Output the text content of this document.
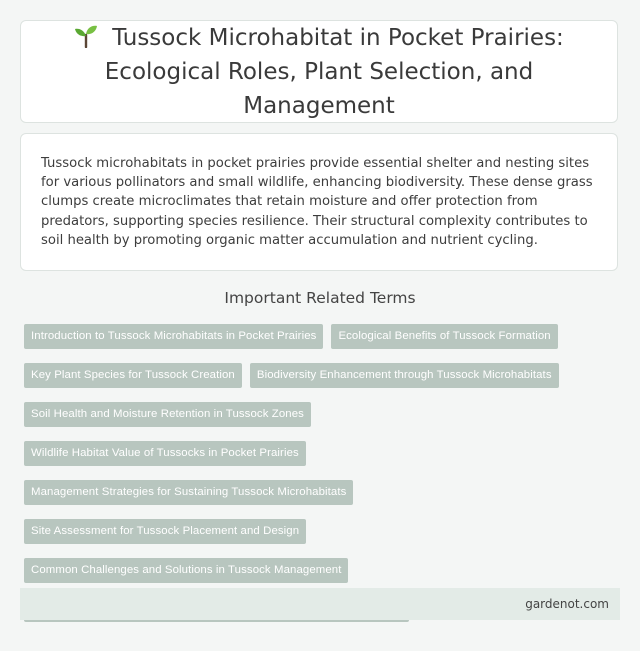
Tussock Microhabitat in Pocket Prairies: Ecological Roles, Plant Selection, and Management

Tussock microhabitats in pocket prairies provide essential shelter and nesting sites for various pollinators and small wildlife, enhancing biodiversity. These dense grass clumps create microclimates that retain moisture and offer protection from predators, supporting species resilience. Their structural complexity contributes to soil health by promoting organic matter accumulation and nutrient cycling.

Important Related Terms
Introduction to Tussock Microhabitats in Pocket Prairies	Ecological Benefits of Tussock Formation
Key Plant Species for Tussock Creation	Biodiversity Enhancement through Tussock Microhabitats
Soil Health and Moisture Retention in Tussock Zones
Wildlife Habitat Value of Tussocks in Pocket Prairies
Management Strategies for Sustaining Tussock Microhabitats
Site Assessment for Tussock Placement and Design
Common Challenges and Solutions in Tussock Management
gardenot.com
